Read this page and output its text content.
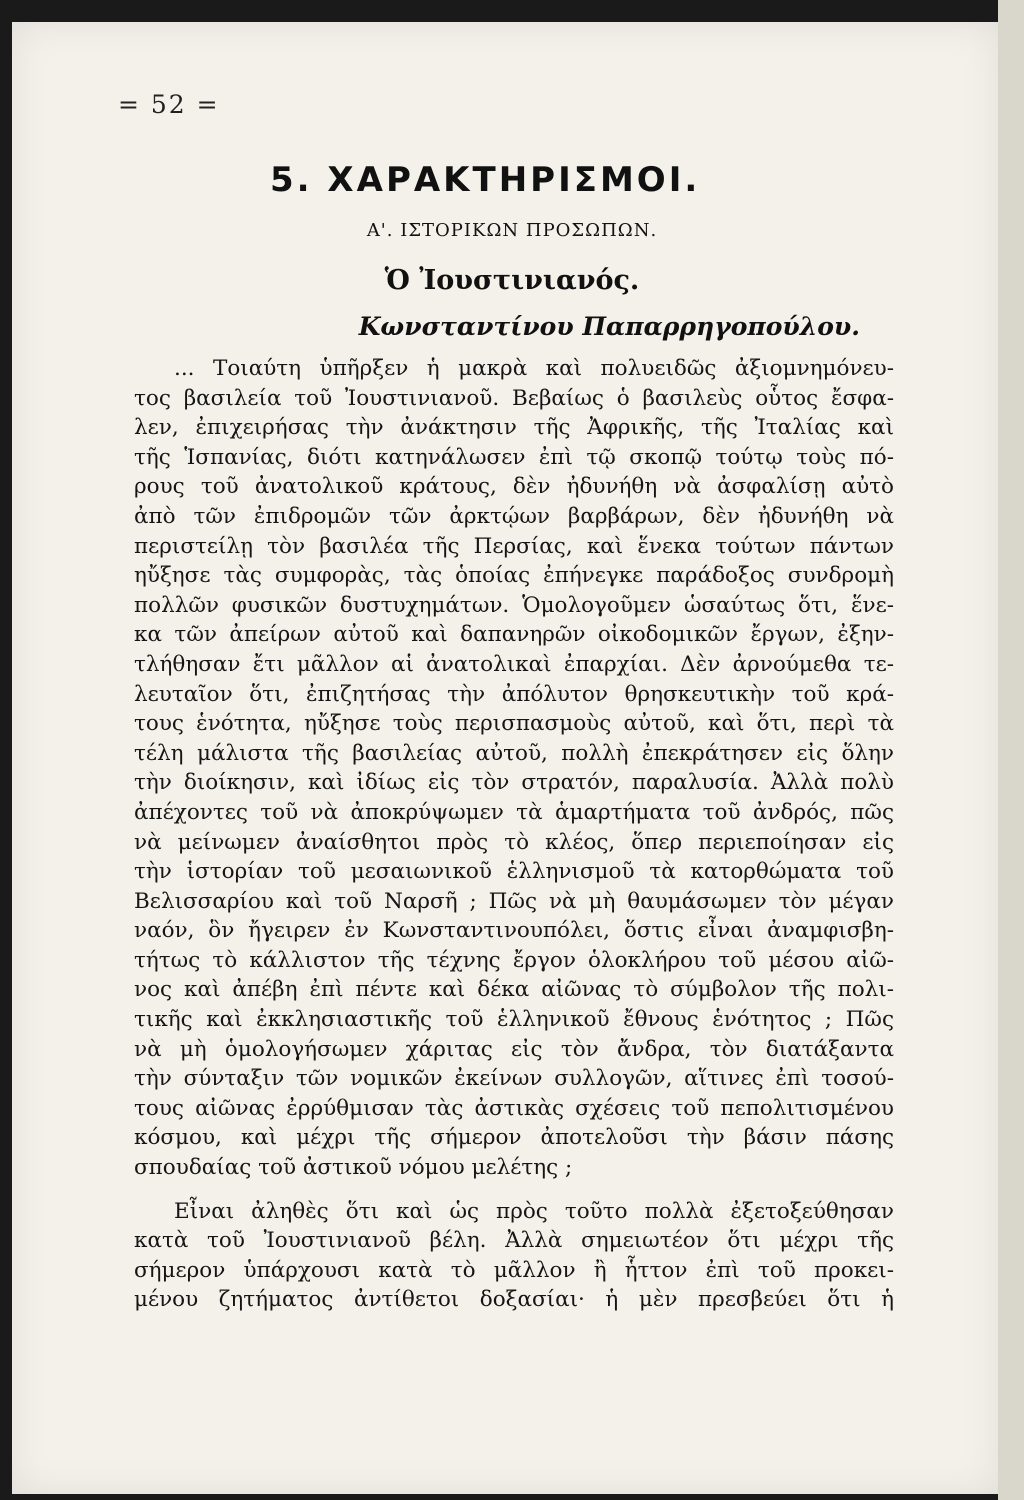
= 52 =
5. ΧΑΡΑΚΤΗΡΙΣΜΟΙ.
Α'. ΙΣΤΟΡΙΚΩΝ ΠΡΟΣΩΠΩΝ.
Ὁ Ἰουστινιανός.
Κωνσταντίνου Παπαρρηγοπούλου.
... Τοιαύτη ὑπῆρξεν ἡ μακρὰ καὶ πολυειδῶς ἀξιομνημόνευ-
τος βασιλεία τοῦ Ἰουστινιανοῦ. Βεβαίως ὁ βασιλεὺς οὗτος ἔσφα-
λεν, ἐπιχειρήσας τὴν ἀνάκτησιν τῆς Ἀφρικῆς, τῆς Ἰταλίας καὶ
τῆς Ἱσπανίας, διότι κατηνάλωσεν ἐπὶ τῷ σκοπῷ τούτῳ τοὺς πό-
ρους τοῦ ἀνατολικοῦ κράτους, δὲν ἠδυνήθη νὰ ἀσφαλίσῃ αὐτὸ
ἀπὸ τῶν ἐπιδρομῶν τῶν ἀρκτῴων βαρβάρων, δὲν ἠδυνήθη νὰ
περιστείλῃ τὸν βασιλέα τῆς Περσίας, καὶ ἕνεκα τούτων πάντων
ηὔξησε τὰς συμφορὰς, τὰς ὁποίας ἐπήνεγκε παράδοξος συνδρομὴ
πολλῶν φυσικῶν δυστυχημάτων. Ὁμολογοῦμεν ὡσαύτως ὅτι, ἕνε-
κα τῶν ἀπείρων αὐτοῦ καὶ δαπανηρῶν οἰκοδομικῶν ἔργων, ἐξην-
τλήθησαν ἔτι μᾶλλον αἱ ἀνατολικαὶ ἐπαρχίαι. Δὲν ἀρνούμεθα τε-
λευταῖον ὅτι, ἐπιζητήσας τὴν ἀπόλυτον θρησκευτικὴν τοῦ κρά-
τους ἑνότητα, ηὔξησε τοὺς περισπασμοὺς αὐτοῦ, καὶ ὅτι, περὶ τὰ
τέλη μάλιστα τῆς βασιλείας αὐτοῦ, πολλὴ ἐπεκράτησεν εἰς ὅλην
τὴν διοίκησιν, καὶ ἰδίως εἰς τὸν στρατόν, παραλυσία. Ἀλλὰ πολὺ
ἀπέχοντες τοῦ νὰ ἀποκρύψωμεν τὰ ἁμαρτήματα τοῦ ἀνδρός, πῶς
νὰ μείνωμεν ἀναίσθητοι πρὸς τὸ κλέος, ὅπερ περιεποίησαν εἰς
τὴν ἱστορίαν τοῦ μεσαιωνικοῦ ἑλληνισμοῦ τὰ κατορθώματα τοῦ
Βελισσαρίου καὶ τοῦ Ναρσῆ ; Πῶς νὰ μὴ θαυμάσωμεν τὸν μέγαν
ναόν, ὃν ἤγειρεν ἐν Κωνσταντινουπόλει, ὅστις εἶναι ἀναμφισβη-
τήτως τὸ κάλλιστον τῆς τέχνης ἔργον ὁλοκλήρου τοῦ μέσου αἰῶ-
νος καὶ ἀπέβη ἐπὶ πέντε καὶ δέκα αἰῶνας τὸ σύμβολον τῆς πολι-
τικῆς καὶ ἐκκλησιαστικῆς τοῦ ἑλληνικοῦ ἔθνους ἑνότητος ; Πῶς
νὰ μὴ ὁμολογήσωμεν χάριτας εἰς τὸν ἄνδρα, τὸν διατάξαντα
τὴν σύνταξιν τῶν νομικῶν ἐκείνων συλλογῶν, αἵτινες ἐπὶ τοσού-
τους αἰῶνας ἐρρύθμισαν τὰς ἀστικὰς σχέσεις τοῦ πεπολιτισμένου
κόσμου, καὶ μέχρι τῆς σήμερον ἀποτελοῦσι τὴν βάσιν πάσης
σπουδαίας τοῦ ἀστικοῦ νόμου μελέτης ;
Εἶναι ἀληθὲς ὅτι καὶ ὡς πρὸς τοῦτο πολλὰ ἐξετοξεύθησαν
κατὰ τοῦ Ἰουστινιανοῦ βέλη. Ἀλλὰ σημειωτέον ὅτι μέχρι τῆς
σήμερον ὑπάρχουσι κατὰ τὸ μᾶλλον ἢ ἧττον ἐπὶ τοῦ προκει-
μένου ζητήματος ἀντίθετοι δοξασίαι· ἡ μὲν πρεσβεύει ὅτι ἡ
